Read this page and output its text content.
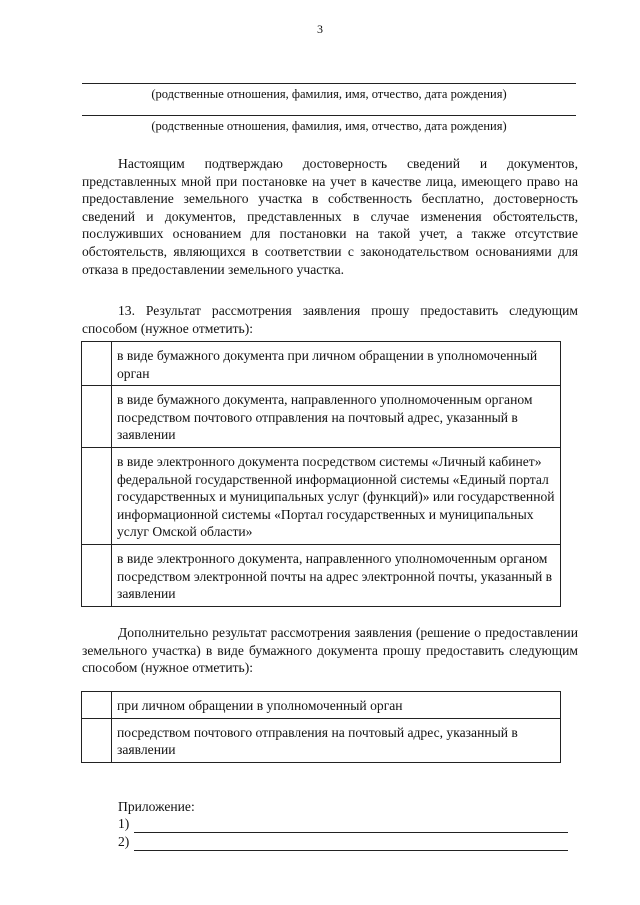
3
(родственные отношения, фамилия, имя, отчество, дата рождения)
(родственные отношения, фамилия, имя, отчество, дата рождения)

Настоящим подтверждаю достоверность сведений и документов, представленных мной при постановке на учет в качестве лица, имеющего право на предоставление земельного участка в собственность бесплатно, достоверность сведений и документов, представленных в случае изменения обстоятельств, послуживших основанием для постановки на такой учет, а также отсутствие обстоятельств, являющихся в соответствии с законодательством основаниями для отказа в предоставлении земельного участка.

13. Результат рассмотрения заявления прошу предоставить следующим способом (нужное отметить):

	в виде бумажного документа при личном обращении в уполномоченный орган
	в виде бумажного документа, направленного уполномоченным органом посредством почтового отправления на почтовый адрес, указанный в заявлении
	в виде электронного документа посредством системы «Личный кабинет» федеральной государственной информационной системы «Единый портал государственных и муниципальных услуг (функций)» или государственной информационной системы «Портал государственных и муниципальных услуг Омской области»
	в виде электронного документа, направленного уполномоченным органом посредством электронной почты на адрес электронной почты, указанный в заявлении

Дополнительно результат рассмотрения заявления (решение о предоставлении земельного участка) в виде бумажного документа прошу предоставить следующим способом (нужное отметить):

	при личном обращении в уполномоченный орган
	посредством почтового отправления на почтовый адрес, указанный в заявлении
Приложение:
1)
2)
